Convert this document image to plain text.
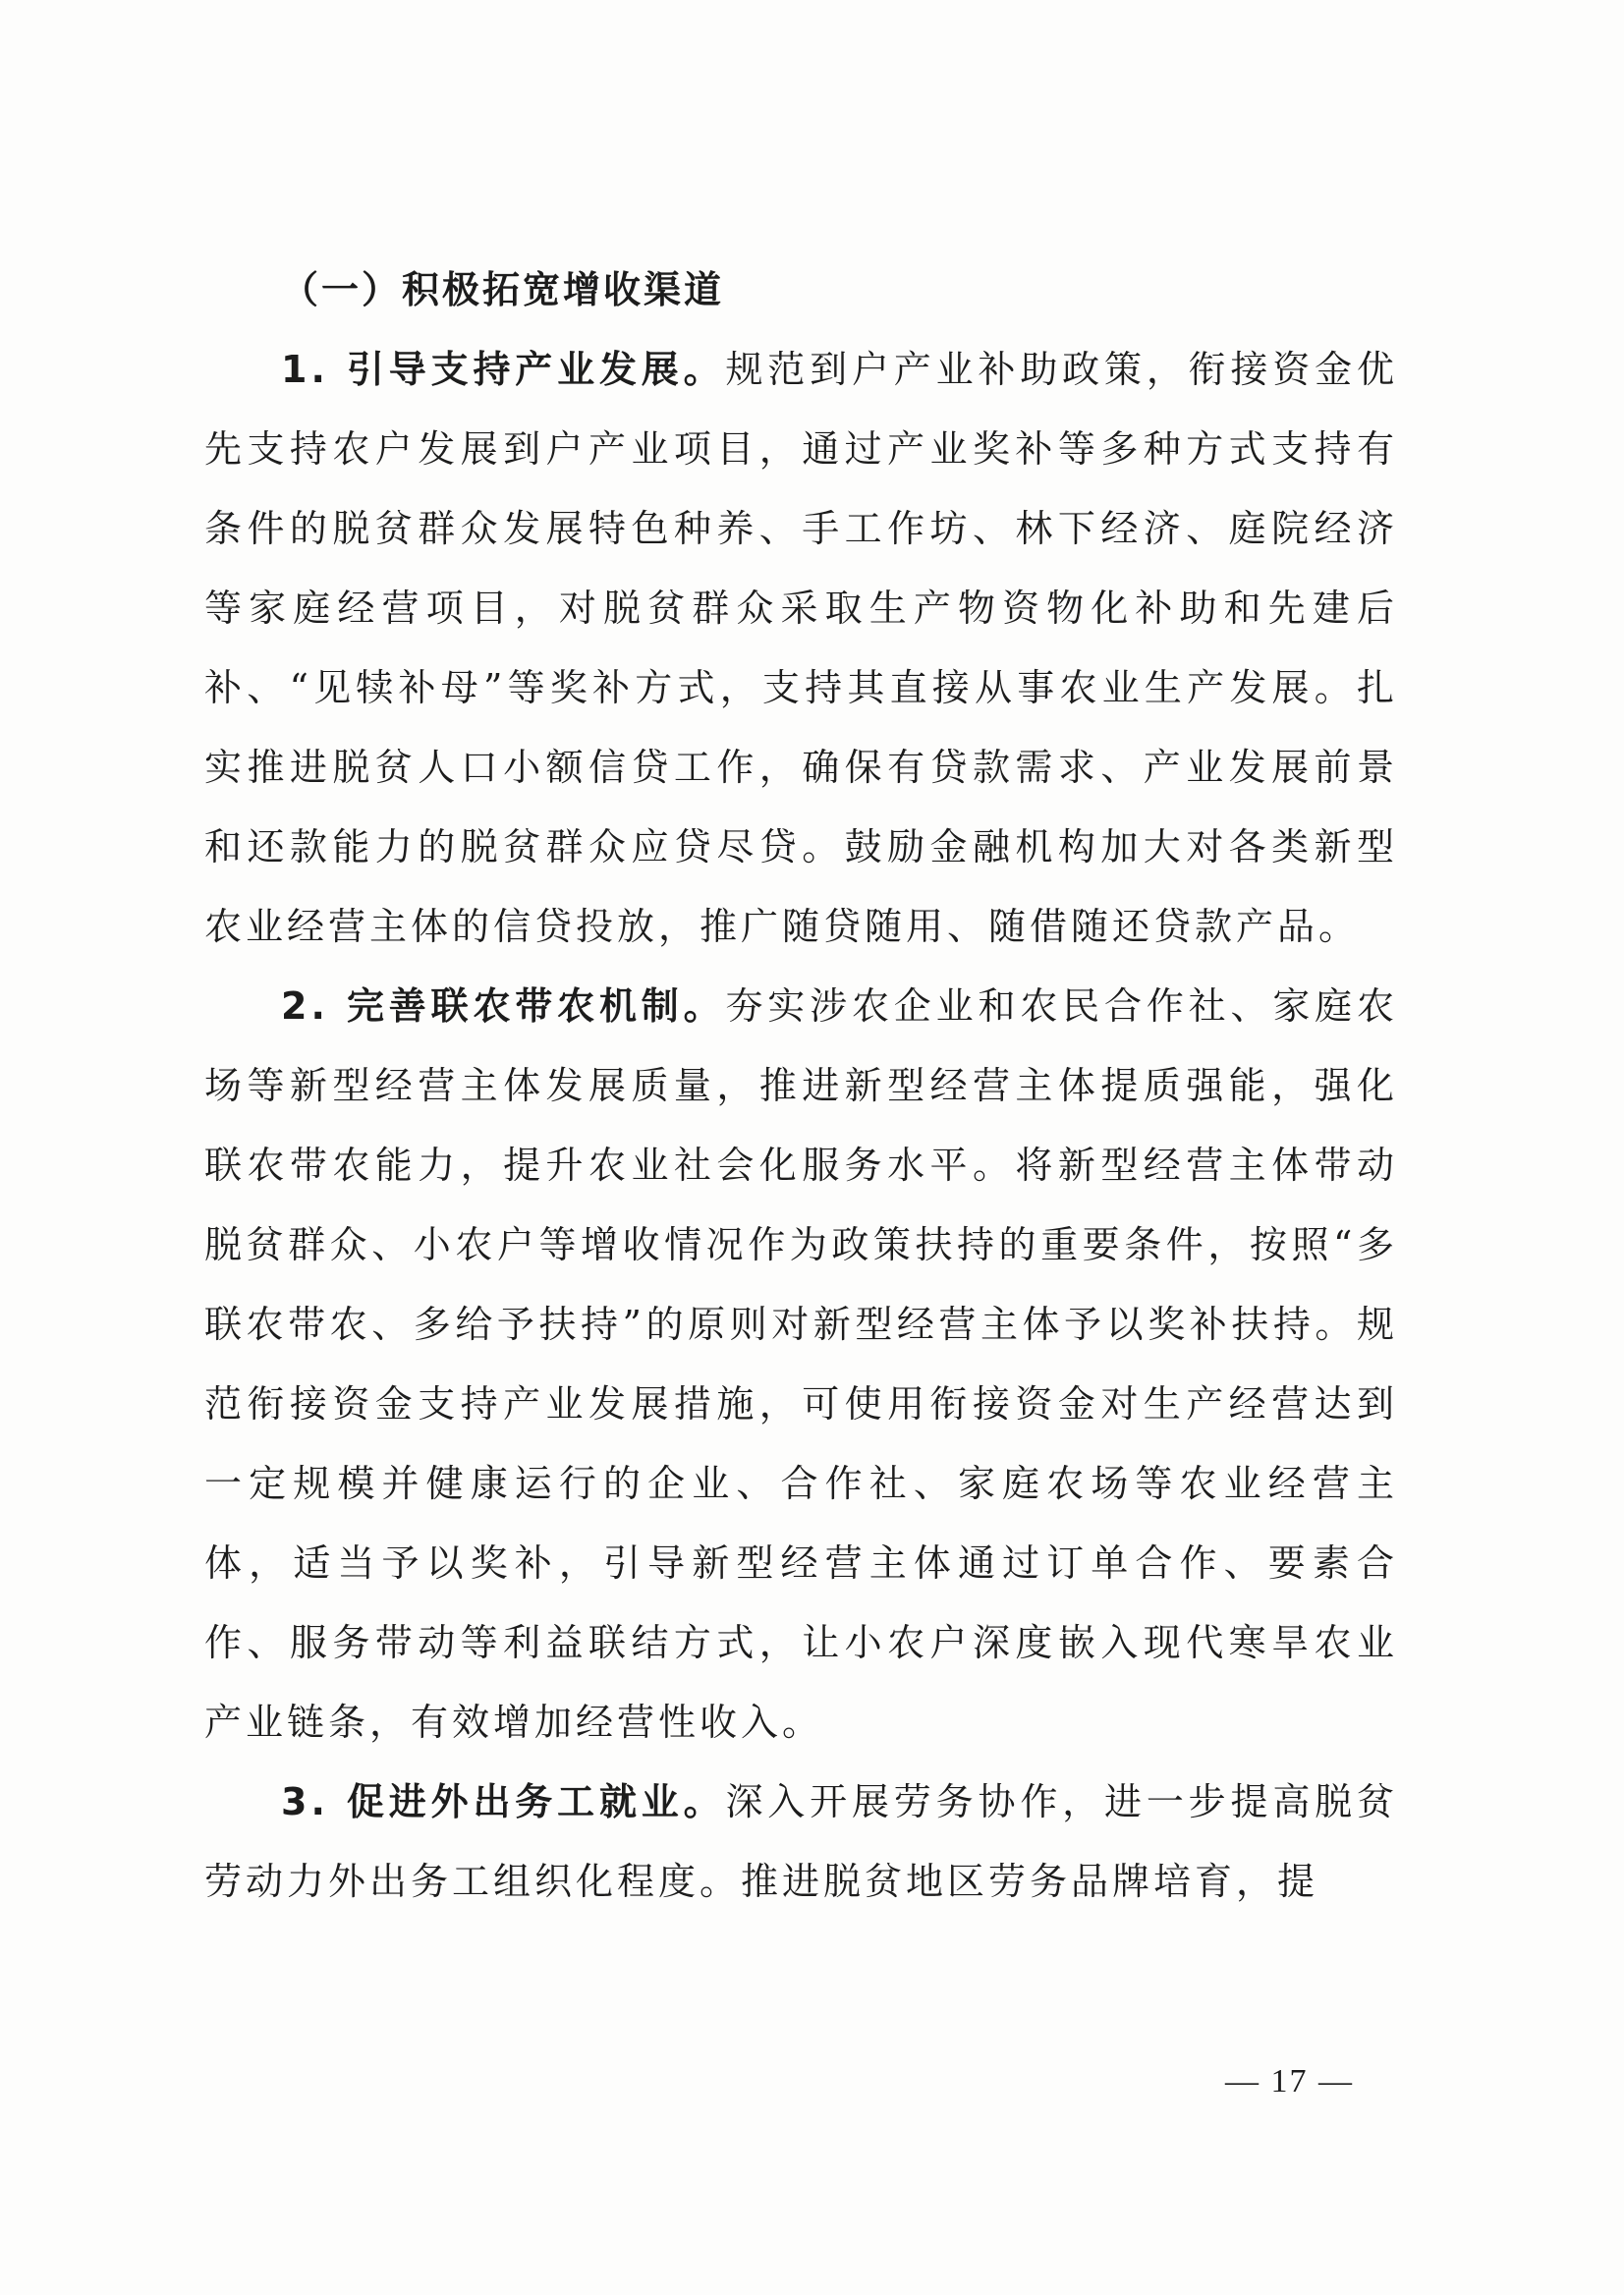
（一）积极拓宽增收渠道

1. 引导支持产业发展。规范到户产业补助政策，衔接资金优先支持农户发展到户产业项目，通过产业奖补等多种方式支持有条件的脱贫群众发展特色种养、手工作坊、林下经济、庭院经济等家庭经营项目，对脱贫群众采取生产物资物化补助和先建后补、“见犊补母”等奖补方式，支持其直接从事农业生产发展。扎实推进脱贫人口小额信贷工作，确保有贷款需求、产业发展前景和还款能力的脱贫群众应贷尽贷。鼓励金融机构加大对各类新型农业经营主体的信贷投放，推广随贷随用、随借随还贷款产品。

2. 完善联农带农机制。夯实涉农企业和农民合作社、家庭农场等新型经营主体发展质量，推进新型经营主体提质强能，强化联农带农能力，提升农业社会化服务水平。将新型经营主体带动脱贫群众、小农户等增收情况作为政策扶持的重要条件，按照“多联农带农、多给予扶持”的原则对新型经营主体予以奖补扶持。规范衔接资金支持产业发展措施，可使用衔接资金对生产经营达到一定规模并健康运行的企业、合作社、家庭农场等农业经营主体，适当予以奖补，引导新型经营主体通过订单合作、要素合作、服务带动等利益联结方式，让小农户深度嵌入现代寒旱农业产业链条，有效增加经营性收入。

3. 促进外出务工就业。深入开展劳务协作，进一步提高脱贫劳动力外出务工组织化程度。推进脱贫地区劳务品牌培育，提

— 17 —
